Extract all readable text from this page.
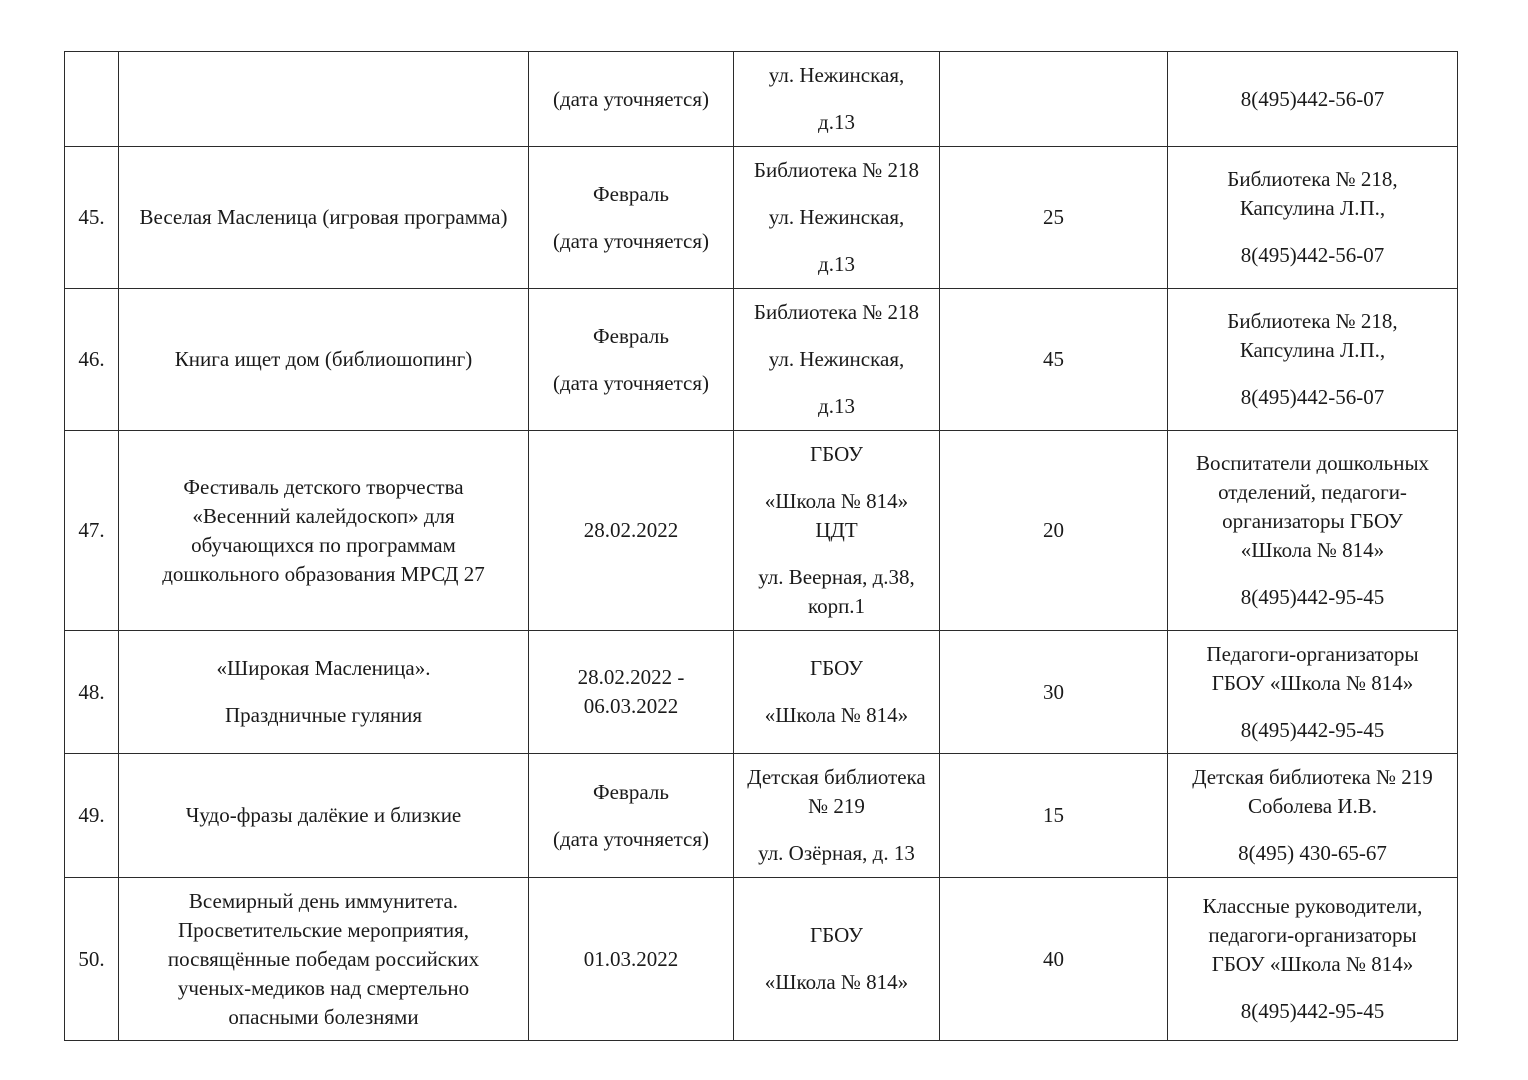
		(дата уточняется)	ул. Нежинская,
д.13		8(495)442-56-07

45.	Веселая Масленица (игровая программа)	Февраль
(дата уточняется)	Библиотека № 218
ул. Нежинская,
д.13	25	Библиотека № 218,
Капсулина Л.П.,
8(495)442-56-07

46.	Книга ищет дом (библиошопинг)	Февраль
(дата уточняется)	Библиотека № 218
ул. Нежинская,
д.13	45	Библиотека № 218,
Капсулина Л.П.,
8(495)442-56-07

47.	Фестиваль детского творчества
«Весенний калейдоскоп» для
обучающихся по программам
дошкольного образования МРСД 27	28.02.2022	ГБОУ
«Школа № 814»
ЦДТ
ул. Веерная, д.38,
корп.1	20	Воспитатели дошкольных
отделений, педагоги-
организаторы ГБОУ
«Школа № 814»
8(495)442-95-45

48.	«Широкая Масленица».
Праздничные гуляния	28.02.2022 -
06.03.2022	ГБОУ
«Школа № 814»	30	Педагоги-организаторы
ГБОУ «Школа № 814»
8(495)442-95-45

49.	Чудо-фразы далёкие и близкие	Февраль
(дата уточняется)	Детская библиотека
№ 219
ул. Озёрная, д. 13	15	Детская библиотека № 219
Соболева И.В.
8(495) 430-65-67

50.	Всемирный день иммунитета.
Просветительские мероприятия,
посвящённые победам российских
ученых-медиков над смертельно
опасными болезнями	01.03.2022	ГБОУ
«Школа № 814»	40	Классные руководители,
педагоги-организаторы
ГБОУ «Школа № 814»
8(495)442-95-45
